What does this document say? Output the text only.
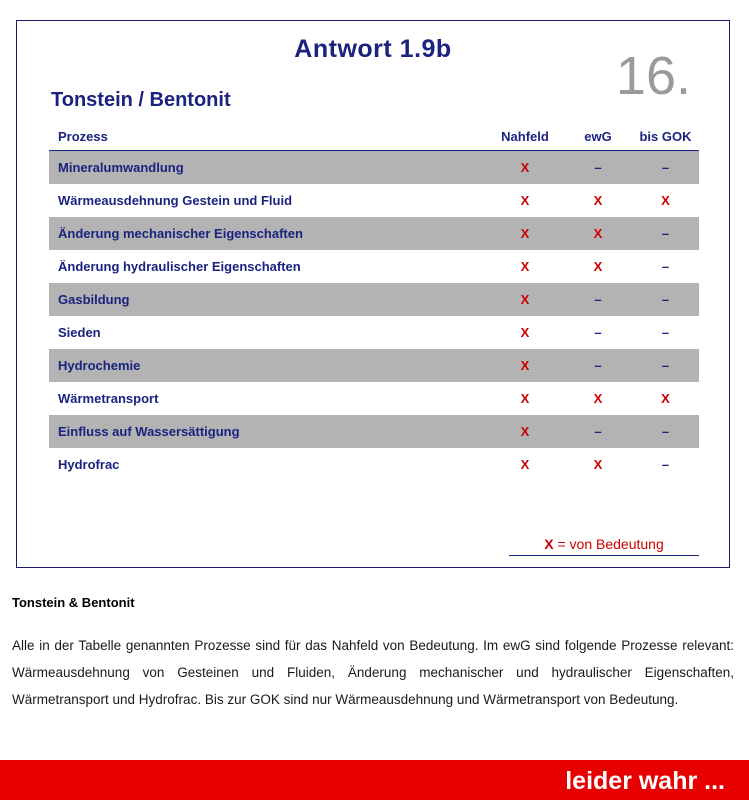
Antwort 1.9b	16.
Tonstein / Bentonit
Prozess	Nahfeld	ewG	bis GOK
Mineralumwandlung	X	–	–
Wärmeausdehnung Gestein und Fluid	X	X	X
Änderung mechanischer Eigenschaften	X	X	–
Änderung hydraulischer Eigenschaften	X	X	–
Gasbildung	X	–	–
Sieden	X	–	–
Hydrochemie	X	–	–
Wärmetransport	X	X	X
Einfluss auf Wassersättigung	X	–	–
Hydrofrac	X	X	–
X = von Bedeutung
Tonstein & Bentonit
Alle in der Tabelle genannten Prozesse sind für das Nahfeld von Bedeutung. Im ewG sind folgende Prozesse relevant: Wärmeausdehnung von Gesteinen und Fluiden, Änderung mechanischer und hydraulischer Eigenschaften, Wärmetransport und Hydrofrac. Bis zur GOK sind nur Wärmeausdehnung und Wärmetransport von Bedeutung.
leider wahr ...
